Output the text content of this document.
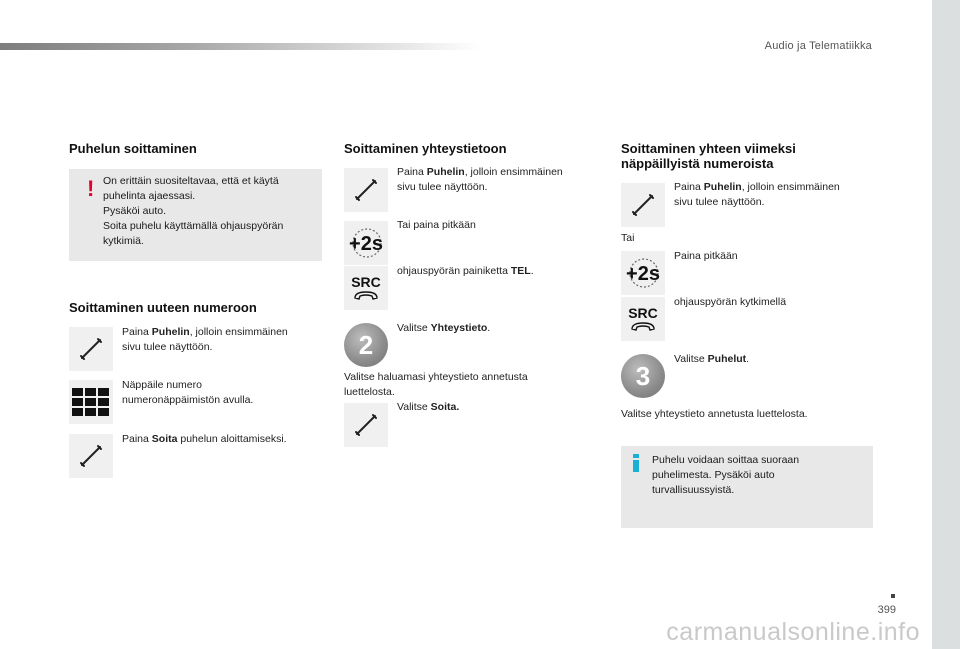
Audio ja Telematiikka
Puhelun soittaminen
! On erittäin suositeltavaa, että et käytä
puhelinta ajaessasi.
Pysäköi auto.
Soita puhelu käyttämällä ohjauspyörän
kytkimiä.
Soittaminen uuteen numeroon
Paina Puhelin, jolloin ensimmäinen
sivu tulee näyttöön.
Näppäile numero
numeronäppäimistön avulla.
Paina Soita puhelun aloittamiseksi.
Soittaminen yhteystietoon
Paina Puhelin, jolloin ensimmäinen
sivu tulee näyttöön.
+2s
Tai paina pitkään
SRC
ohjauspyörän painiketta TEL.
2
Valitse Yhteystieto.
Valitse haluamasi yhteystieto annetusta
luettelosta.
Valitse Soita.
Soittaminen yhteen viimeksi
näppäillyistä numeroista
Paina Puhelin, jolloin ensimmäinen
sivu tulee näyttöön.
Tai
+2s
Paina pitkään
SRC
ohjauspyörän kytkimellä
3
Valitse Puhelut.
Valitse yhteystieto annetusta luettelosta.
Puhelu voidaan soittaa suoraan
puhelimesta. Pysäköi auto
turvallisuussyistä.
399
carmanualsonline.info
